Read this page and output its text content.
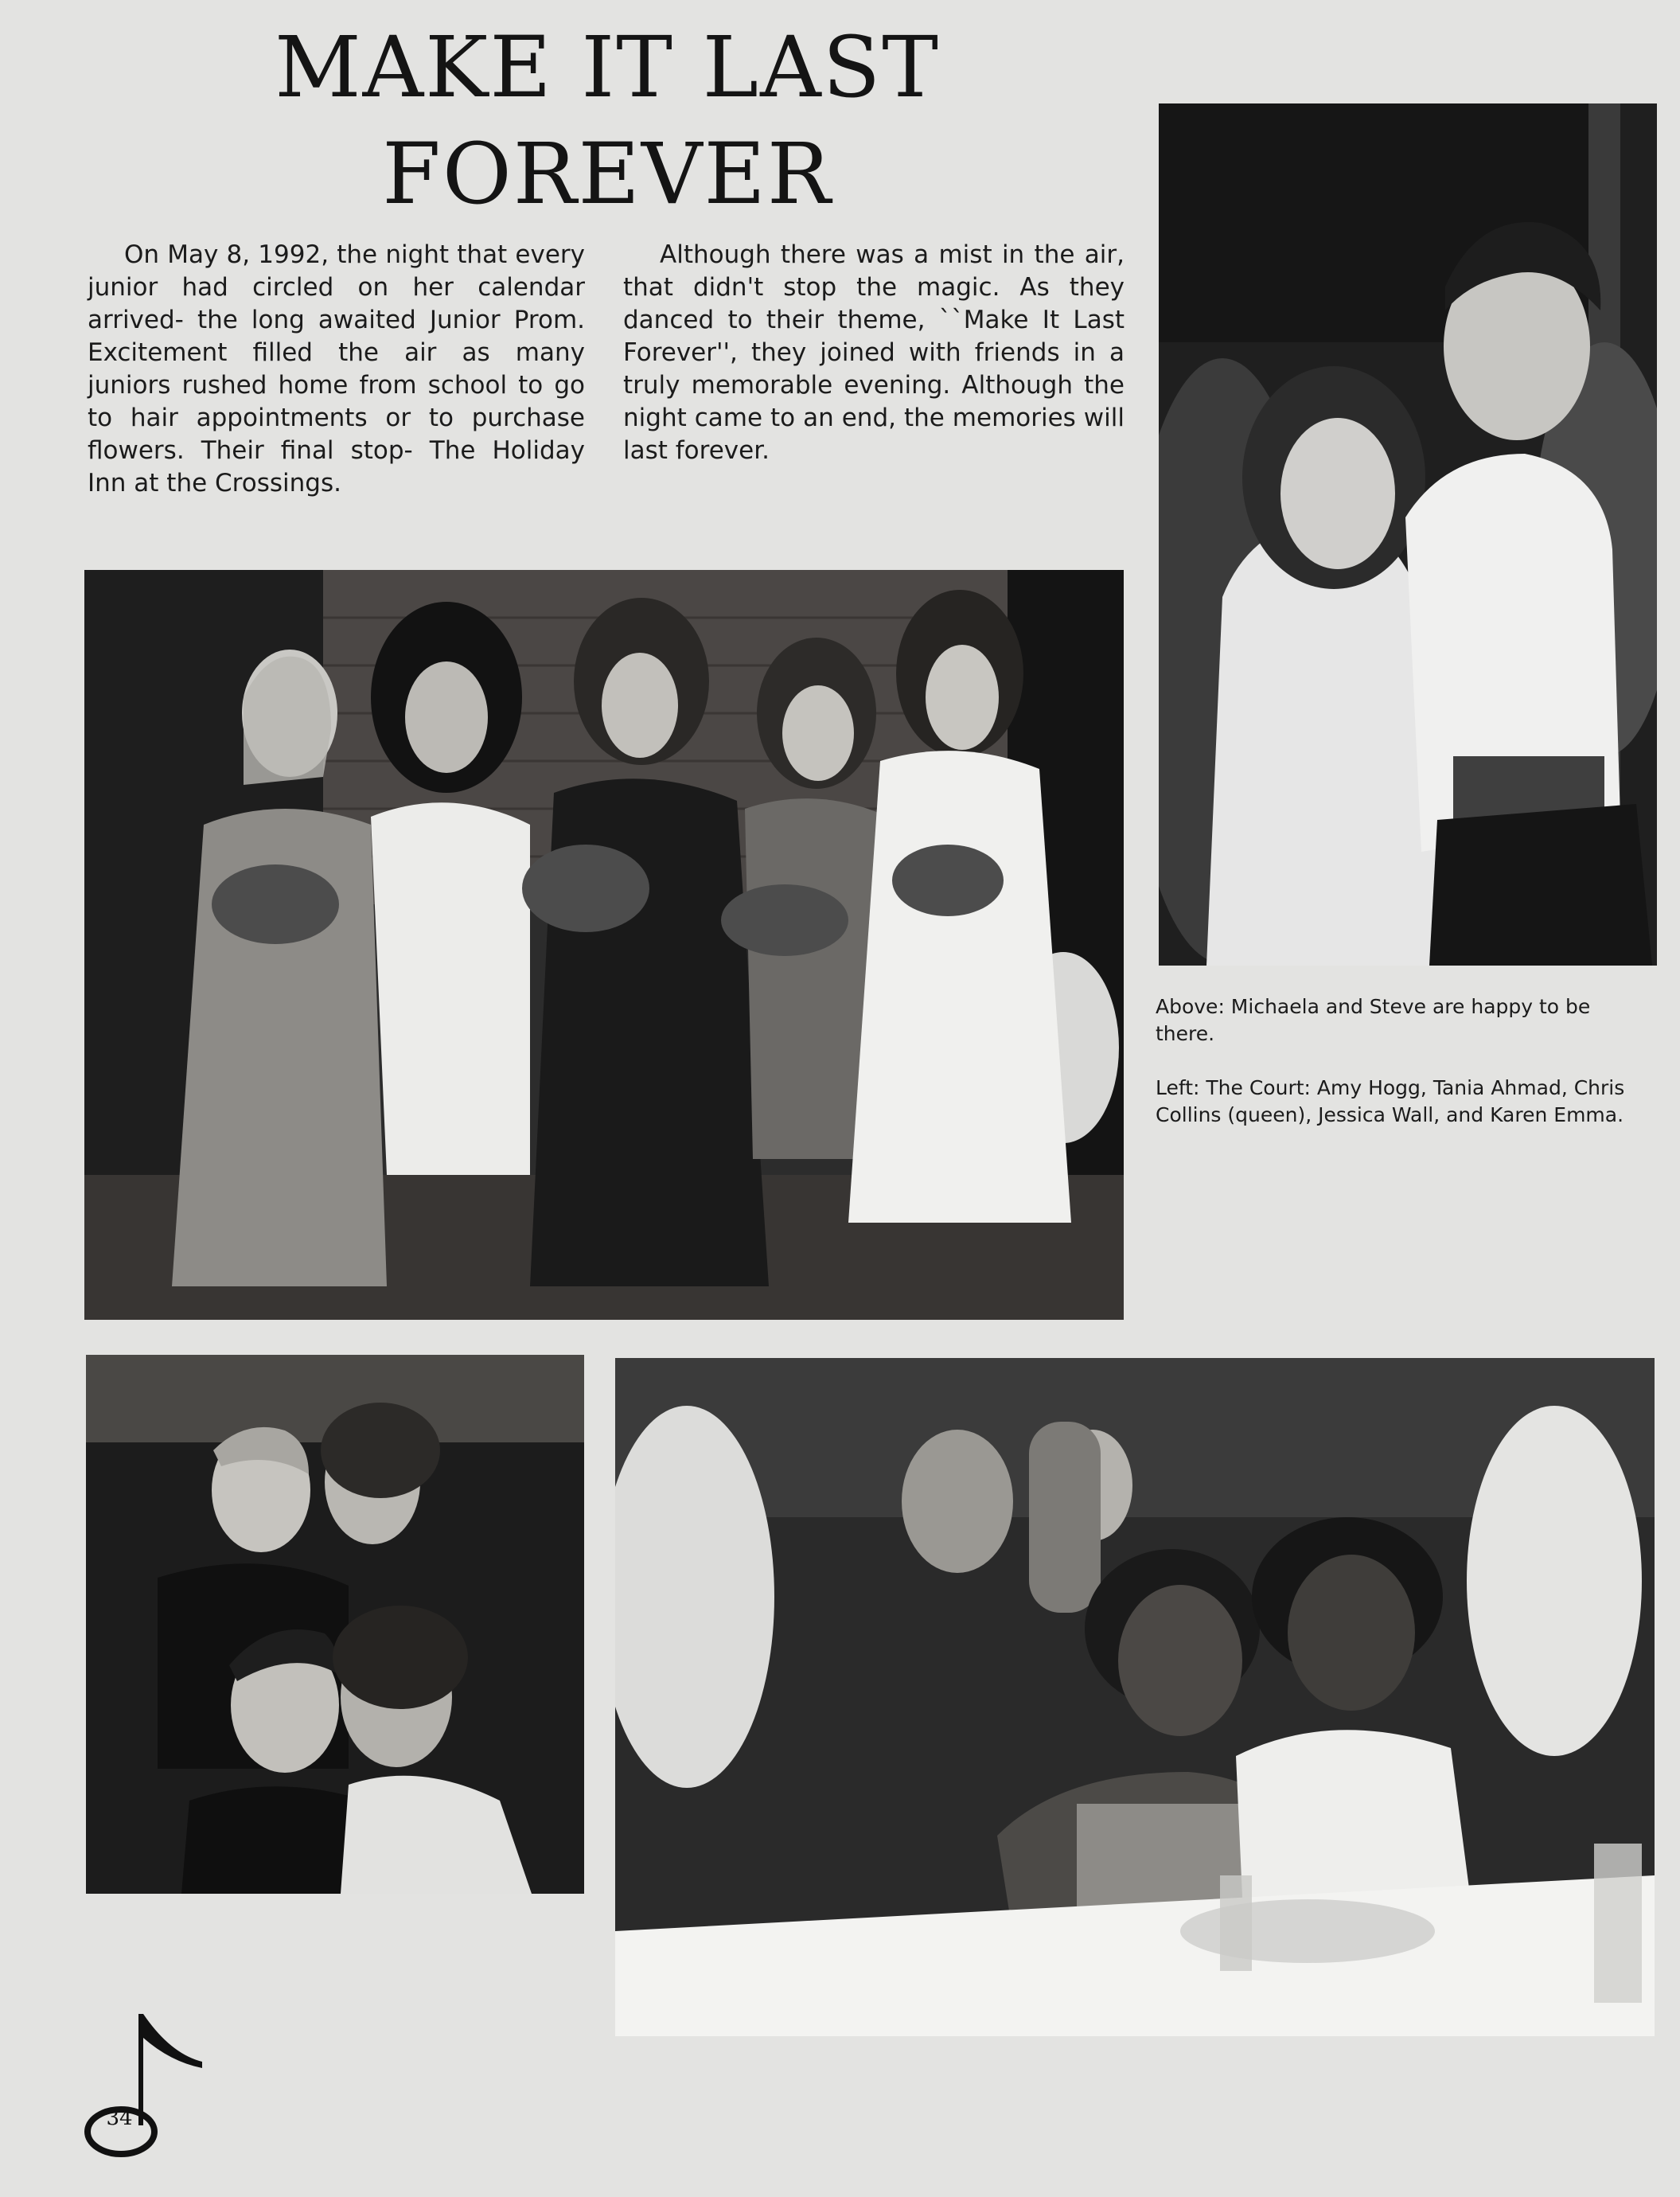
MAKE IT LAST
FOREVER

On May 8, 1992, the night that every junior had circled on her calendar arrived- the long awaited Junior Prom. Excitement filled the air as many juniors rushed home from school to go to hair appointments or to purchase flowers. Their final stop- The Holiday Inn at the Crossings.

Although there was a mist in the air, that didn't stop the magic. As they danced to their theme, ``Make It Last Forever'', they joined with friends in a truly memorable evening. Although the night came to an end, the memories will last forever.

Above: Michaela and Steve are happy to be there.

Left: The Court: Amy Hogg, Tania Ahmad, Chris Collins (queen), Jessica Wall, and Karen Emma.

34
